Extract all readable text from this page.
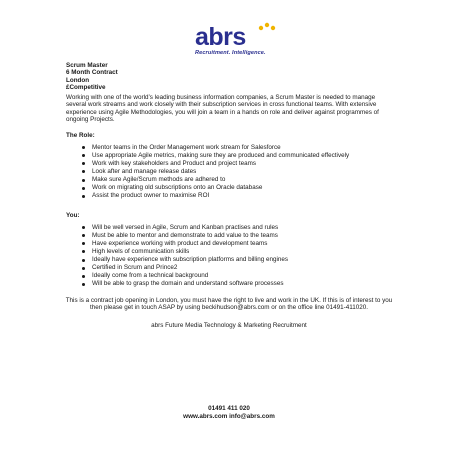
abrs
Recruitment. Intelligence.
Scrum Master
6 Month Contract
London
£Competitive
Working with one of the world’s leading business information companies, a Scrum Master is needed to manage several work streams and work closely with their subscription services in cross functional teams. With extensive experience using Agile Methodologies, you will join a team in a hands on role and deliver against programmes of ongoing Projects.
The Role:
Mentor teams in the Order Management work stream for Salesforce
Use appropriate Agile metrics, making sure they are produced and communicated effectively
Work with key stakeholders and Product and project teams
Look after and manage release dates
Make sure Agile/Scrum methods are adhered to
Work on migrating old subscriptions onto an Oracle database
Assist the product owner to maximise ROI
You:
Will be well versed in Agile, Scrum and Kanban practises and rules
Must be able to mentor and demonstrate to add value to the teams
Have experience working with product and development teams
High levels of communication skills
Ideally have experience with subscription platforms and billing engines
Certified in Scrum and Prince2
Ideally come from a technical background
Will be able to grasp the domain and understand software processes
This is a contract job opening in London, you must have the right to live and work in the UK. If this is of interest to you then please get in touch ASAP by using beckihudson@abrs.com or on the office line 01491-411020.
abrs Future Media Technology & Marketing Recruitment
01491 411 020
www.abrs.com info@abrs.com
